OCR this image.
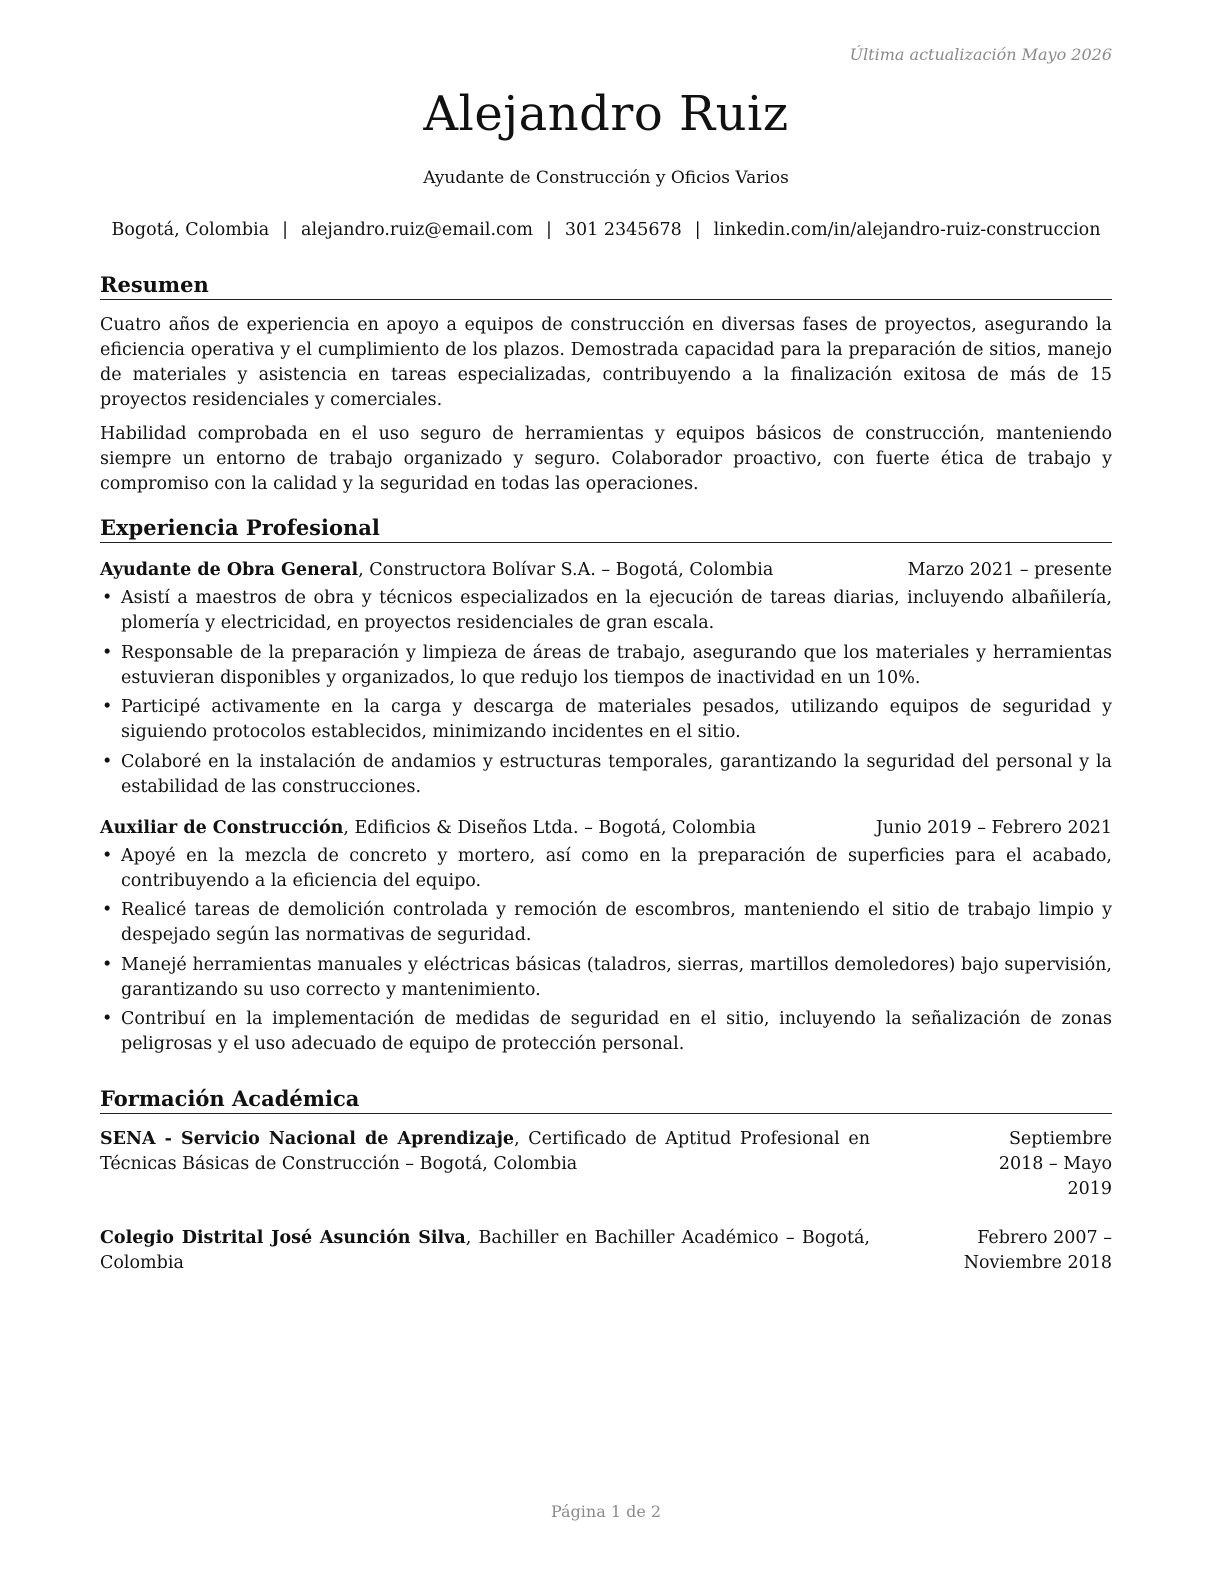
Última actualización Mayo 2026
Alejandro Ruiz
Ayudante de Construcción y Oficios Varios
Bogotá, Colombia | alejandro.ruiz@email.com | 301 2345678 | linkedin.com/in/alejandro-ruiz-construccion
Resumen

Cuatro años de experiencia en apoyo a equipos de construcción en diversas fases de proyectos, asegurando la eficiencia operativa y el cumplimiento de los plazos. Demostrada capacidad para la preparación de sitios, manejo de materiales y asistencia en tareas especializadas, contribuyendo a la finalización exitosa de más de 15 proyectos residenciales y comerciales.

Habilidad comprobada en el uso seguro de herramientas y equipos básicos de construcción, manteniendo siempre un entorno de trabajo organizado y seguro. Colaborador proactivo, con fuerte ética de trabajo y compromiso con la calidad y la seguridad en todas las operaciones.

Experiencia Profesional
Ayudante de Obra General, Constructora Bolívar S.A. – Bogotá, Colombia	Marzo 2021 – presente
• Asistí a maestros de obra y técnicos especializados en la ejecución de tareas diarias, incluyendo albañilería, plomería y electricidad, en proyectos residenciales de gran escala.
• Responsable de la preparación y limpieza de áreas de trabajo, asegurando que los materiales y herramientas estuvieran disponibles y organizados, lo que redujo los tiempos de inactividad en un 10%.
• Participé activamente en la carga y descarga de materiales pesados, utilizando equipos de seguridad y siguiendo protocolos establecidos, minimizando incidentes en el sitio.
• Colaboré en la instalación de andamios y estructuras temporales, garantizando la seguridad del personal y la estabilidad de las construcciones.
Auxiliar de Construcción, Edificios & Diseños Ltda. – Bogotá, Colombia	Junio 2019 – Febrero 2021
• Apoyé en la mezcla de concreto y mortero, así como en la preparación de superficies para el acabado, contribuyendo a la eficiencia del equipo.
• Realicé tareas de demolición controlada y remoción de escombros, manteniendo el sitio de trabajo limpio y despejado según las normativas de seguridad.
• Manejé herramientas manuales y eléctricas básicas (taladros, sierras, martillos demoledores) bajo supervisión, garantizando su uso correcto y mantenimiento.
• Contribuí en la implementación de medidas de seguridad en el sitio, incluyendo la señalización de zonas peligrosas y el uso adecuado de equipo de protección personal.
Formación Académica
SENA - Servicio Nacional de Aprendizaje, Certificado de Aptitud Profesional en Técnicas Básicas de Construcción – Bogotá, Colombia
Septiembre 2018 – Mayo 2019
Colegio Distrital José Asunción Silva, Bachiller en Bachiller Académico – Bogotá, Colombia
Febrero 2007 – Noviembre 2018
Página 1 de 2
